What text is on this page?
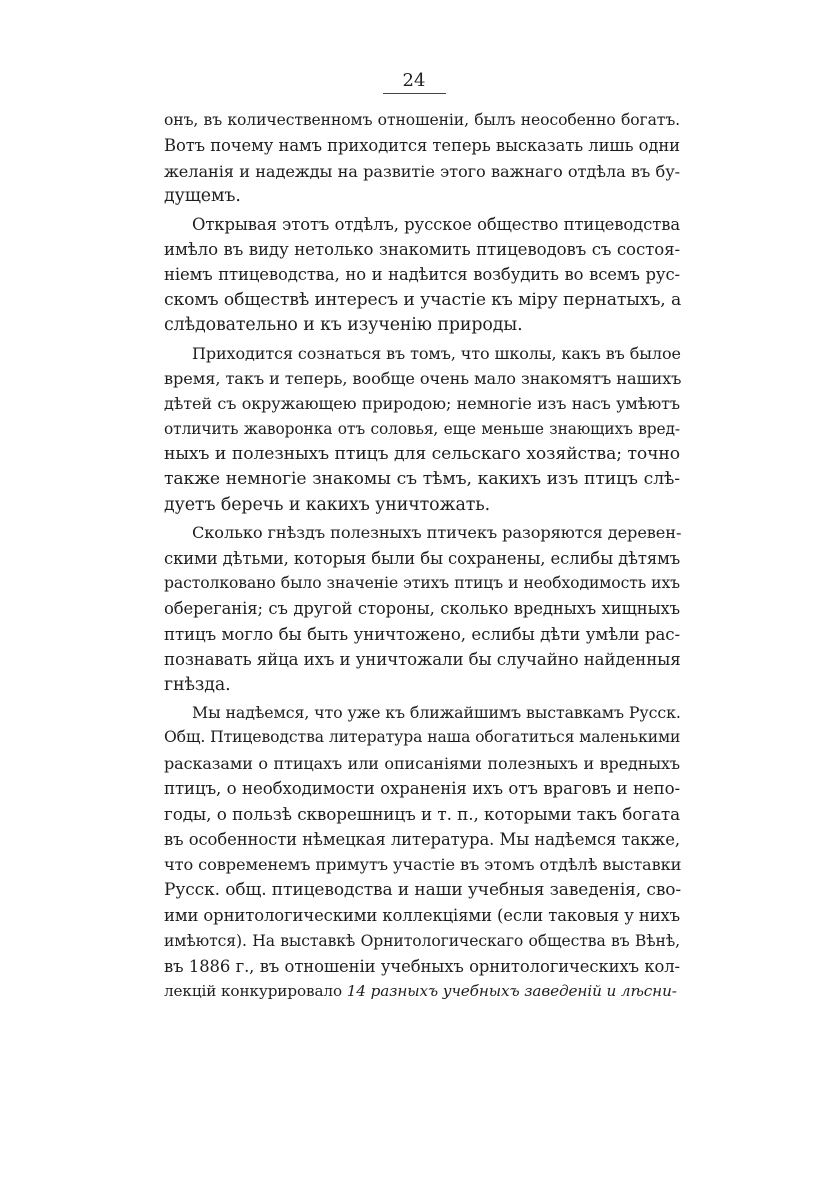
24
онъ, въ количественномъ отношенiи, былъ неособенно богатъ.
Вотъ почему намъ приходится теперь высказать лишь одни
желанiя и надежды на развитiе этого важнаго отдѣла въ бу-
дущемъ.
Открывая этотъ отдѣлъ, русское общество птицеводства
имѣло въ виду нетолько знакомить птицеводовъ съ состоя-
нiемъ птицеводства, но и надѣится возбудить во всемъ рус-
скомъ обществѣ интересъ и участiе къ мiру пернатыхъ, а
слѣдовательно и къ изученiю природы.
Приходится сознаться въ томъ, что школы, какъ въ былое
время, такъ и теперь, вообще очень мало знакомятъ нашихъ
дѣтей съ окружающею природою; немногiе изъ насъ умѣютъ
отличить жаворонка отъ соловья, еще меньше знающихъ вред-
ныхъ и полезныхъ птицъ для сельскаго хозяйства; точно
также немногiе знакомы съ тѣмъ, какихъ изъ птицъ слѣ-
дуетъ беречь и какихъ уничтожать.
Сколько гнѣздъ полезныхъ птичекъ разоряются деревен-
скими дѣтьми, которыя были бы сохранены, еслибы дѣтямъ
растолковано было значенiе этихъ птицъ и необходимость ихъ
обереганiя; съ другой стороны, сколько вредныхъ хищныхъ
птицъ могло бы быть уничтожено, еслибы дѣти умѣли рас-
познавать яйца ихъ и уничтожали бы случайно найденныя
гнѣзда.
Мы надѣемся, что уже къ ближайшимъ выставкамъ Русск.
Общ. Птицеводства литература наша обогатиться маленькими
расказами о птицахъ или описанiями полезныхъ и вредныхъ
птицъ, о необходимости охраненiя ихъ отъ враговъ и непо-
годы, о пользѣ скворешницъ и т. п., которыми такъ богата
въ особенности нѣмецкая литература. Мы надѣемся также,
что современемъ примутъ участiе въ этомъ отдѣлѣ выставки
Русск. общ. птицеводства и наши учебныя заведенiя, сво-
ими орнитологическими коллекцiями (если таковыя у нихъ
имѣются). На выставкѣ Орнитологическаго общества въ Вѣнѣ,
въ 1886 г., въ отношенiи учебныхъ орнитологическихъ кол-
лекцiй конкурировало 14 разныхъ учебныхъ заведенiй и лѣсни-
